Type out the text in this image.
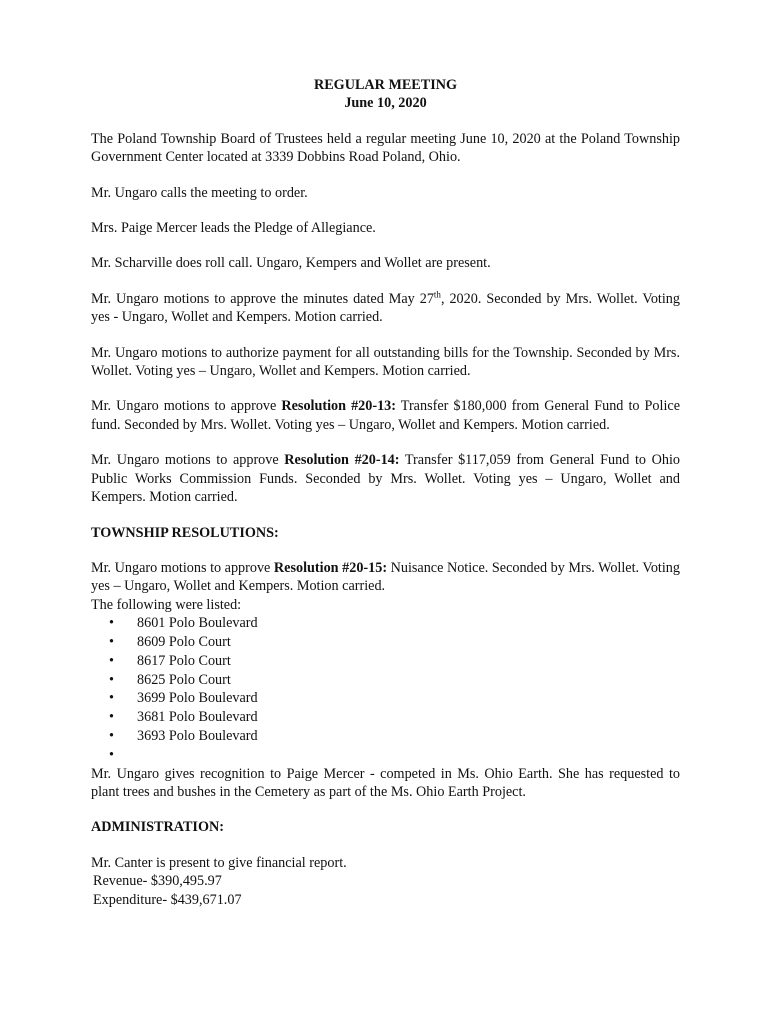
REGULAR MEETING

June 10, 2020

The Poland Township Board of Trustees held a regular meeting June 10, 2020 at the Poland Township Government Center located at 3339 Dobbins Road Poland, Ohio.

Mr. Ungaro calls the meeting to order.

Mrs. Paige Mercer leads the Pledge of Allegiance.

Mr. Scharville does roll call. Ungaro, Kempers and Wollet are present.

Mr. Ungaro motions to approve the minutes dated May 27th, 2020. Seconded by Mrs. Wollet. Voting yes - Ungaro, Wollet and Kempers. Motion carried.

Mr. Ungaro motions to authorize payment for all outstanding bills for the Township. Seconded by Mrs. Wollet. Voting yes – Ungaro, Wollet and Kempers. Motion carried.

Mr. Ungaro motions to approve Resolution #20-13: Transfer $180,000 from General Fund to Police fund. Seconded by Mrs. Wollet. Voting yes – Ungaro, Wollet and Kempers. Motion carried.

Mr. Ungaro motions to approve Resolution #20-14: Transfer $117,059 from General Fund to Ohio Public Works Commission Funds. Seconded by Mrs. Wollet. Voting yes – Ungaro, Wollet and Kempers. Motion carried.

TOWNSHIP RESOLUTIONS:

Mr. Ungaro motions to approve Resolution #20-15: Nuisance Notice. Seconded by Mrs. Wollet. Voting yes – Ungaro, Wollet and Kempers. Motion carried.

The following were listed:

• 8601 Polo Boulevard
• 8609 Polo Court
• 8617 Polo Court
• 8625 Polo Court
• 3699 Polo Boulevard
• 3681 Polo Boulevard
• 3693 Polo Boulevard
•

Mr. Ungaro gives recognition to Paige Mercer - competed in Ms. Ohio Earth. She has requested to plant trees and bushes in the Cemetery as part of the Ms. Ohio Earth Project.

ADMINISTRATION:

Mr. Canter is present to give financial report.

Revenue- $390,495.97

Expenditure- $439,671.07
